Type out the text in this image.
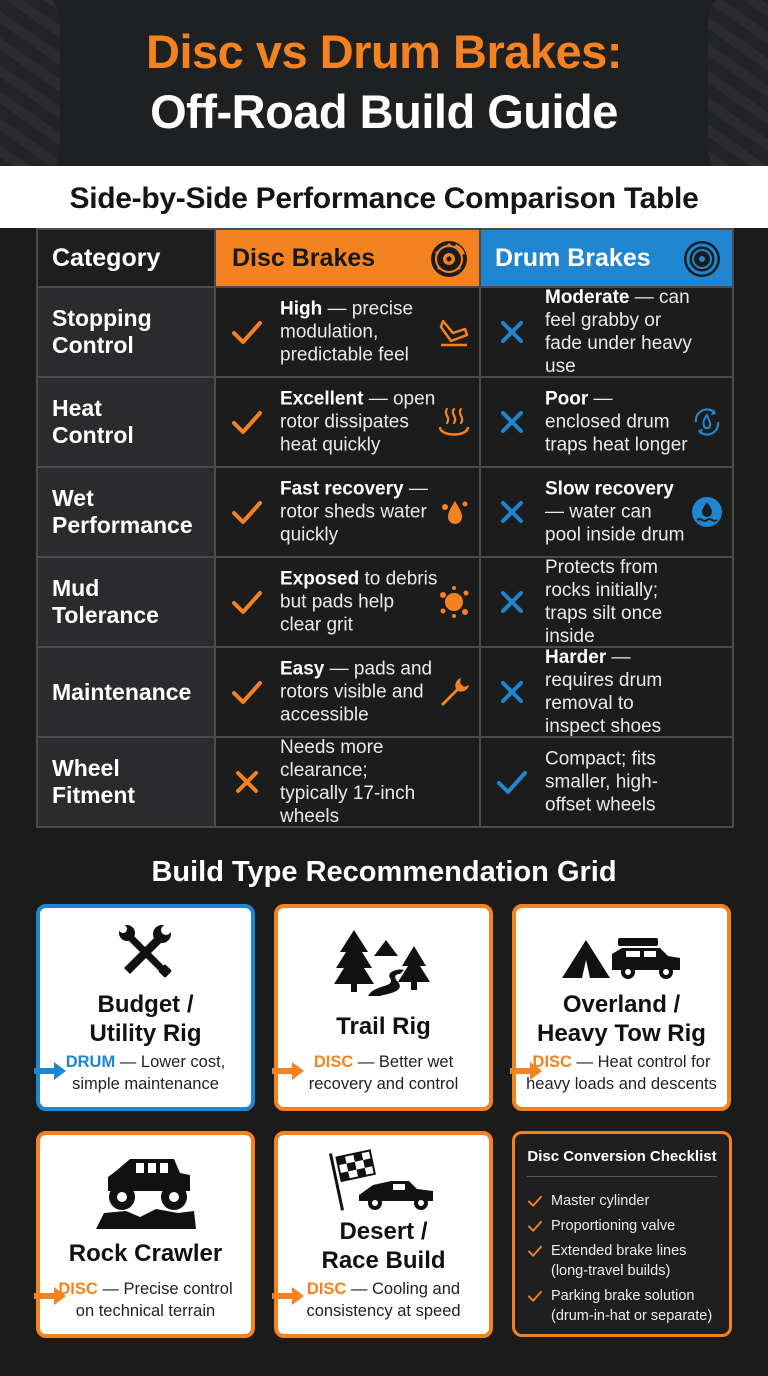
Disc vs Drum Brakes:
Off-Road Build Guide
Side-by-Side Performance Comparison Table
Category	Disc Brakes	Drum Brakes

Stopping
Control	High — precise modulation, predictable feel	Moderate — can feel grabby or fade under heavy use

Heat
Control	Excellent — open rotor dissipates heat quickly	Poor — enclosed drum traps heat longer

Wet
Performance	Fast recovery — rotor sheds water quickly	Slow recovery — water can pool inside drum

Mud
Tolerance	Exposed to debris but pads help clear grit	Protects from rocks initially; traps silt once inside

Maintenance	Easy — pads and rotors visible and accessible	Harder — requires drum removal to inspect shoes

Wheel
Fitment	Needs more clearance; typically 17-inch wheels	Compact; fits smaller, high-offset wheels
Build Type Recommendation Grid
Budget /
Utility Rig
DRUM — Lower cost,
simple maintenance
Trail Rig
DISC — Better wet
recovery and control
Overland /
Heavy Tow Rig
DISC — Heat control for
heavy loads and descents
Rock Crawler
DISC — Precise control
on technical terrain
Desert /
Race Build
DISC — Cooling and
consistency at speed
Disc Conversion Checklist
Master cylinder
Proportioning valve
Extended brake lines
(long-travel builds)
Parking brake solution
(drum-in-hat or separate)
